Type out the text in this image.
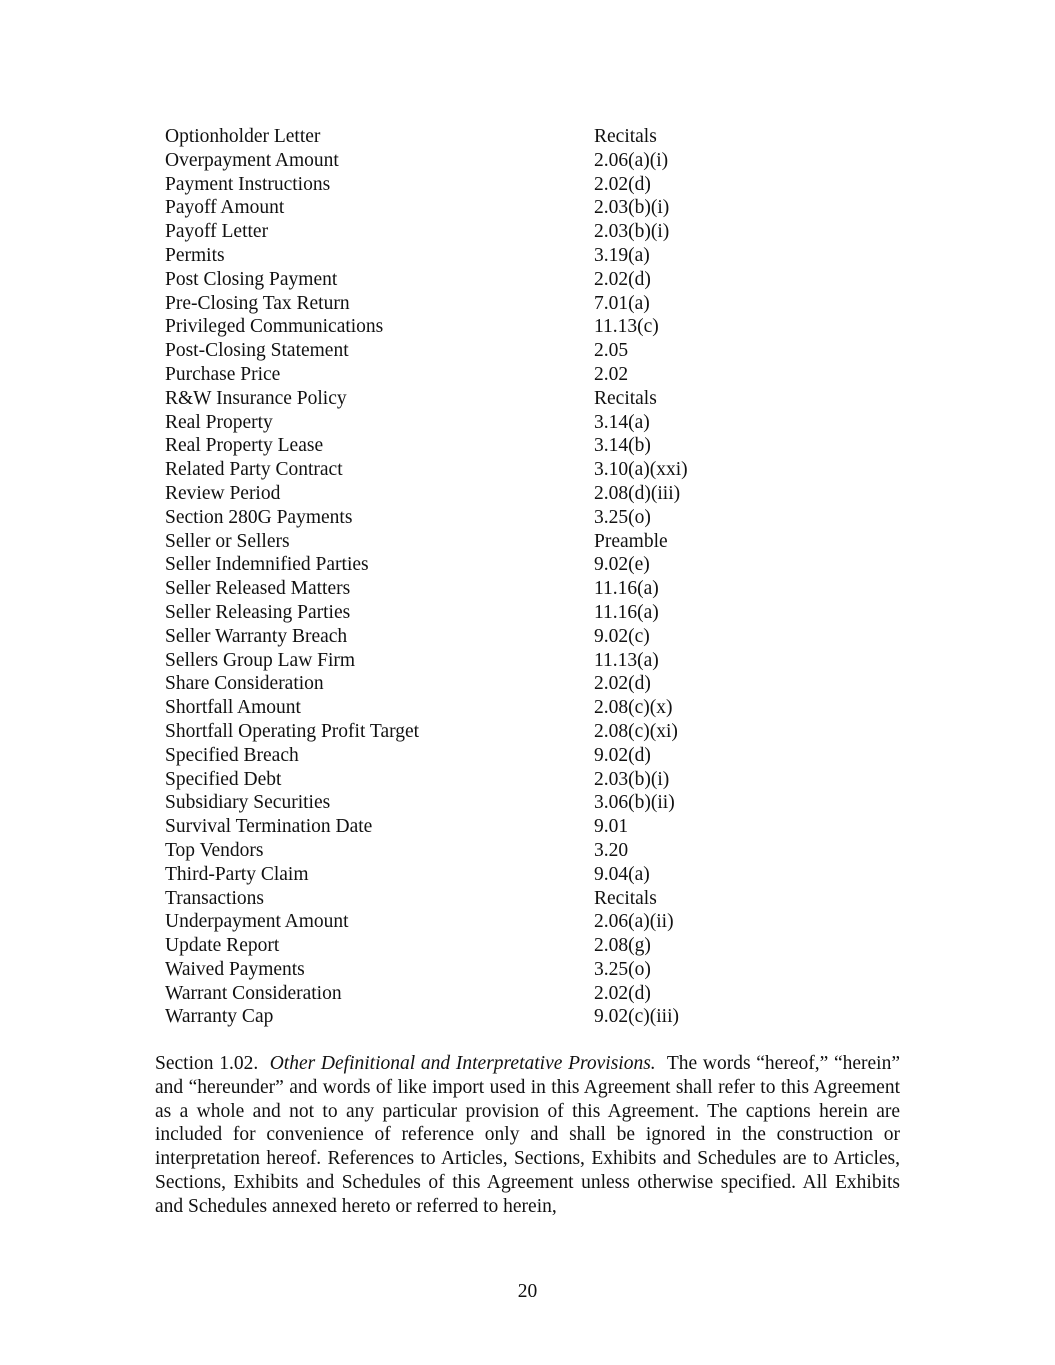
Optionholder Letter	Recitals
Overpayment Amount	2.06(a)(i)
Payment Instructions	2.02(d)
Payoff Amount	2.03(b)(i)
Payoff Letter	2.03(b)(i)
Permits	3.19(a)
Post Closing Payment	2.02(d)
Pre-Closing Tax Return	7.01(a)
Privileged Communications	11.13(c)
Post-Closing Statement	2.05
Purchase Price	2.02
R&W Insurance Policy	Recitals
Real Property	3.14(a)
Real Property Lease	3.14(b)
Related Party Contract	3.10(a)(xxi)
Review Period	2.08(d)(iii)
Section 280G Payments	3.25(o)
Seller or Sellers	Preamble
Seller Indemnified Parties	9.02(e)
Seller Released Matters	11.16(a)
Seller Releasing Parties	11.16(a)
Seller Warranty Breach	9.02(c)
Sellers Group Law Firm	11.13(a)
Share Consideration	2.02(d)
Shortfall Amount	2.08(c)(x)
Shortfall Operating Profit Target	2.08(c)(xi)
Specified Breach	9.02(d)
Specified Debt	2.03(b)(i)
Subsidiary Securities	3.06(b)(ii)
Survival Termination Date	9.01
Top Vendors	3.20
Third-Party Claim	9.04(a)
Transactions	Recitals
Underpayment Amount	2.06(a)(ii)
Update Report	2.08(g)
Waived Payments	3.25(o)
Warrant Consideration	2.02(d)
Warranty Cap	9.02(c)(iii)
Section 1.02. Other Definitional and Interpretative Provisions. The words “hereof,” “herein” and “hereunder” and words of like import used in this Agreement shall refer to this Agreement as a whole and not to any particular provision of this Agreement. The captions herein are included for convenience of reference only and shall be ignored in the construction or interpretation hereof. References to Articles, Sections, Exhibits and Schedules are to Articles, Sections, Exhibits and Schedules of this Agreement unless otherwise specified. All Exhibits and Schedules annexed hereto or referred to herein,
20
